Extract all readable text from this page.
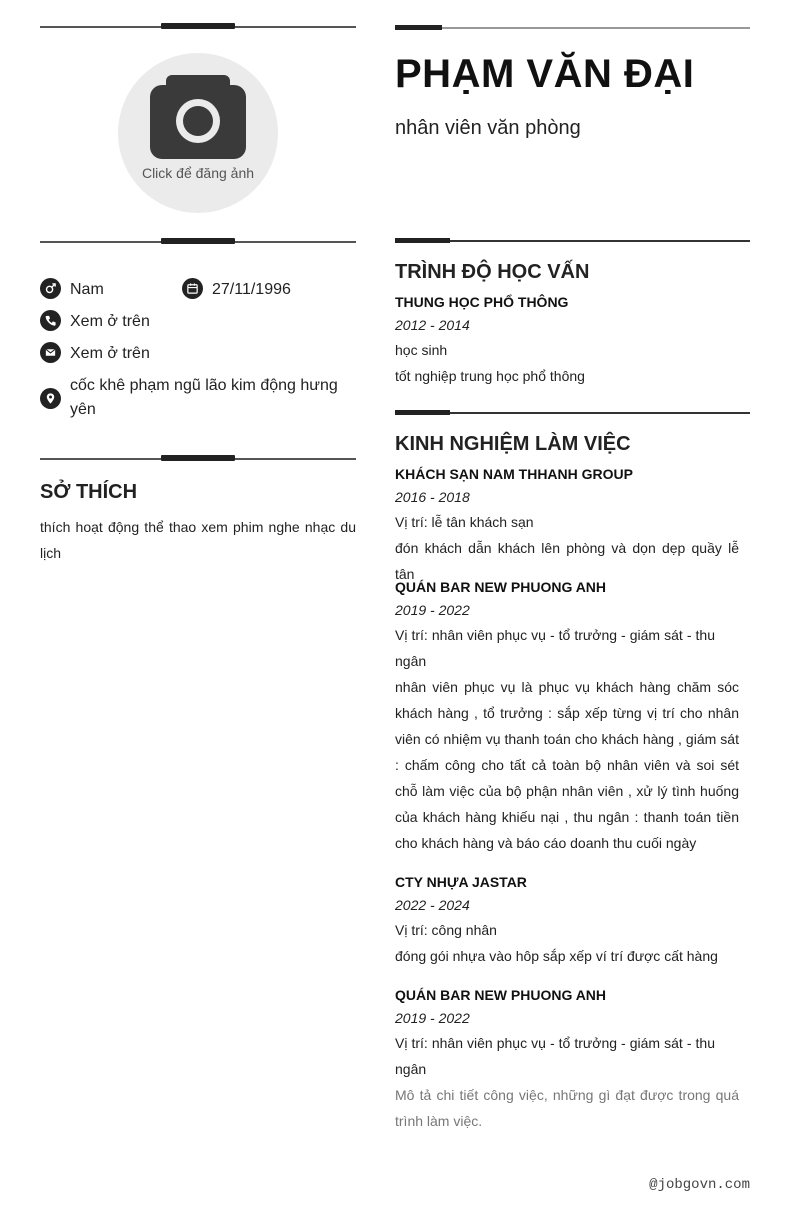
Click để đăng ảnh
Nam	27/11/1996
Xem ở trên
Xem ở trên
cốc khê phạm ngũ lão kim động hưng yên
SỞ THÍCH
thích hoạt động thể thao xem phim nghe nhạc du lịch
PHẠM VĂN ĐẠI
nhân viên văn phòng
TRÌNH ĐỘ HỌC VẤN
THUNG HỌC PHỔ THÔNG
2012 - 2014
học sinh
tốt nghiệp trung học phổ thông
KINH NGHIỆM LÀM VIỆC
KHÁCH SẠN NAM THHANH GROUP
2016 - 2018
Vị trí: lễ tân khách sạn
đón khách dẫn khách lên phòng và dọn dẹp quầy lễ tân
QUÁN BAR NEW PHUONG ANH
2019 - 2022
Vị trí: nhân viên phục vụ - tổ trưởng - giám sát - thu ngân
nhân viên phục vụ là phục vụ khách hàng chăm sóc khách hàng , tổ trưởng : sắp xếp từng vị trí cho nhân viên có nhiệm vụ thanh toán cho khách hàng , giám sát : chấm công cho tất cả toàn bộ nhân viên và soi sét chỗ làm việc của bộ phận nhân viên , xử lý tình huống của khách hàng khiếu nại , thu ngân : thanh toán tiền cho khách hàng và báo cáo doanh thu cuối ngày
CTY NHỰA JASTAR
2022 - 2024
Vị trí: công nhân
đóng gói nhựa vào hôp sắp xếp ví trí được cất hàng
QUÁN BAR NEW PHUONG ANH
2019 - 2022
Vị trí: nhân viên phục vụ - tổ trưởng - giám sát - thu ngân
Mô tả chi tiết công việc, những gì đạt được trong quá trình làm việc.
@jobgovn.com
